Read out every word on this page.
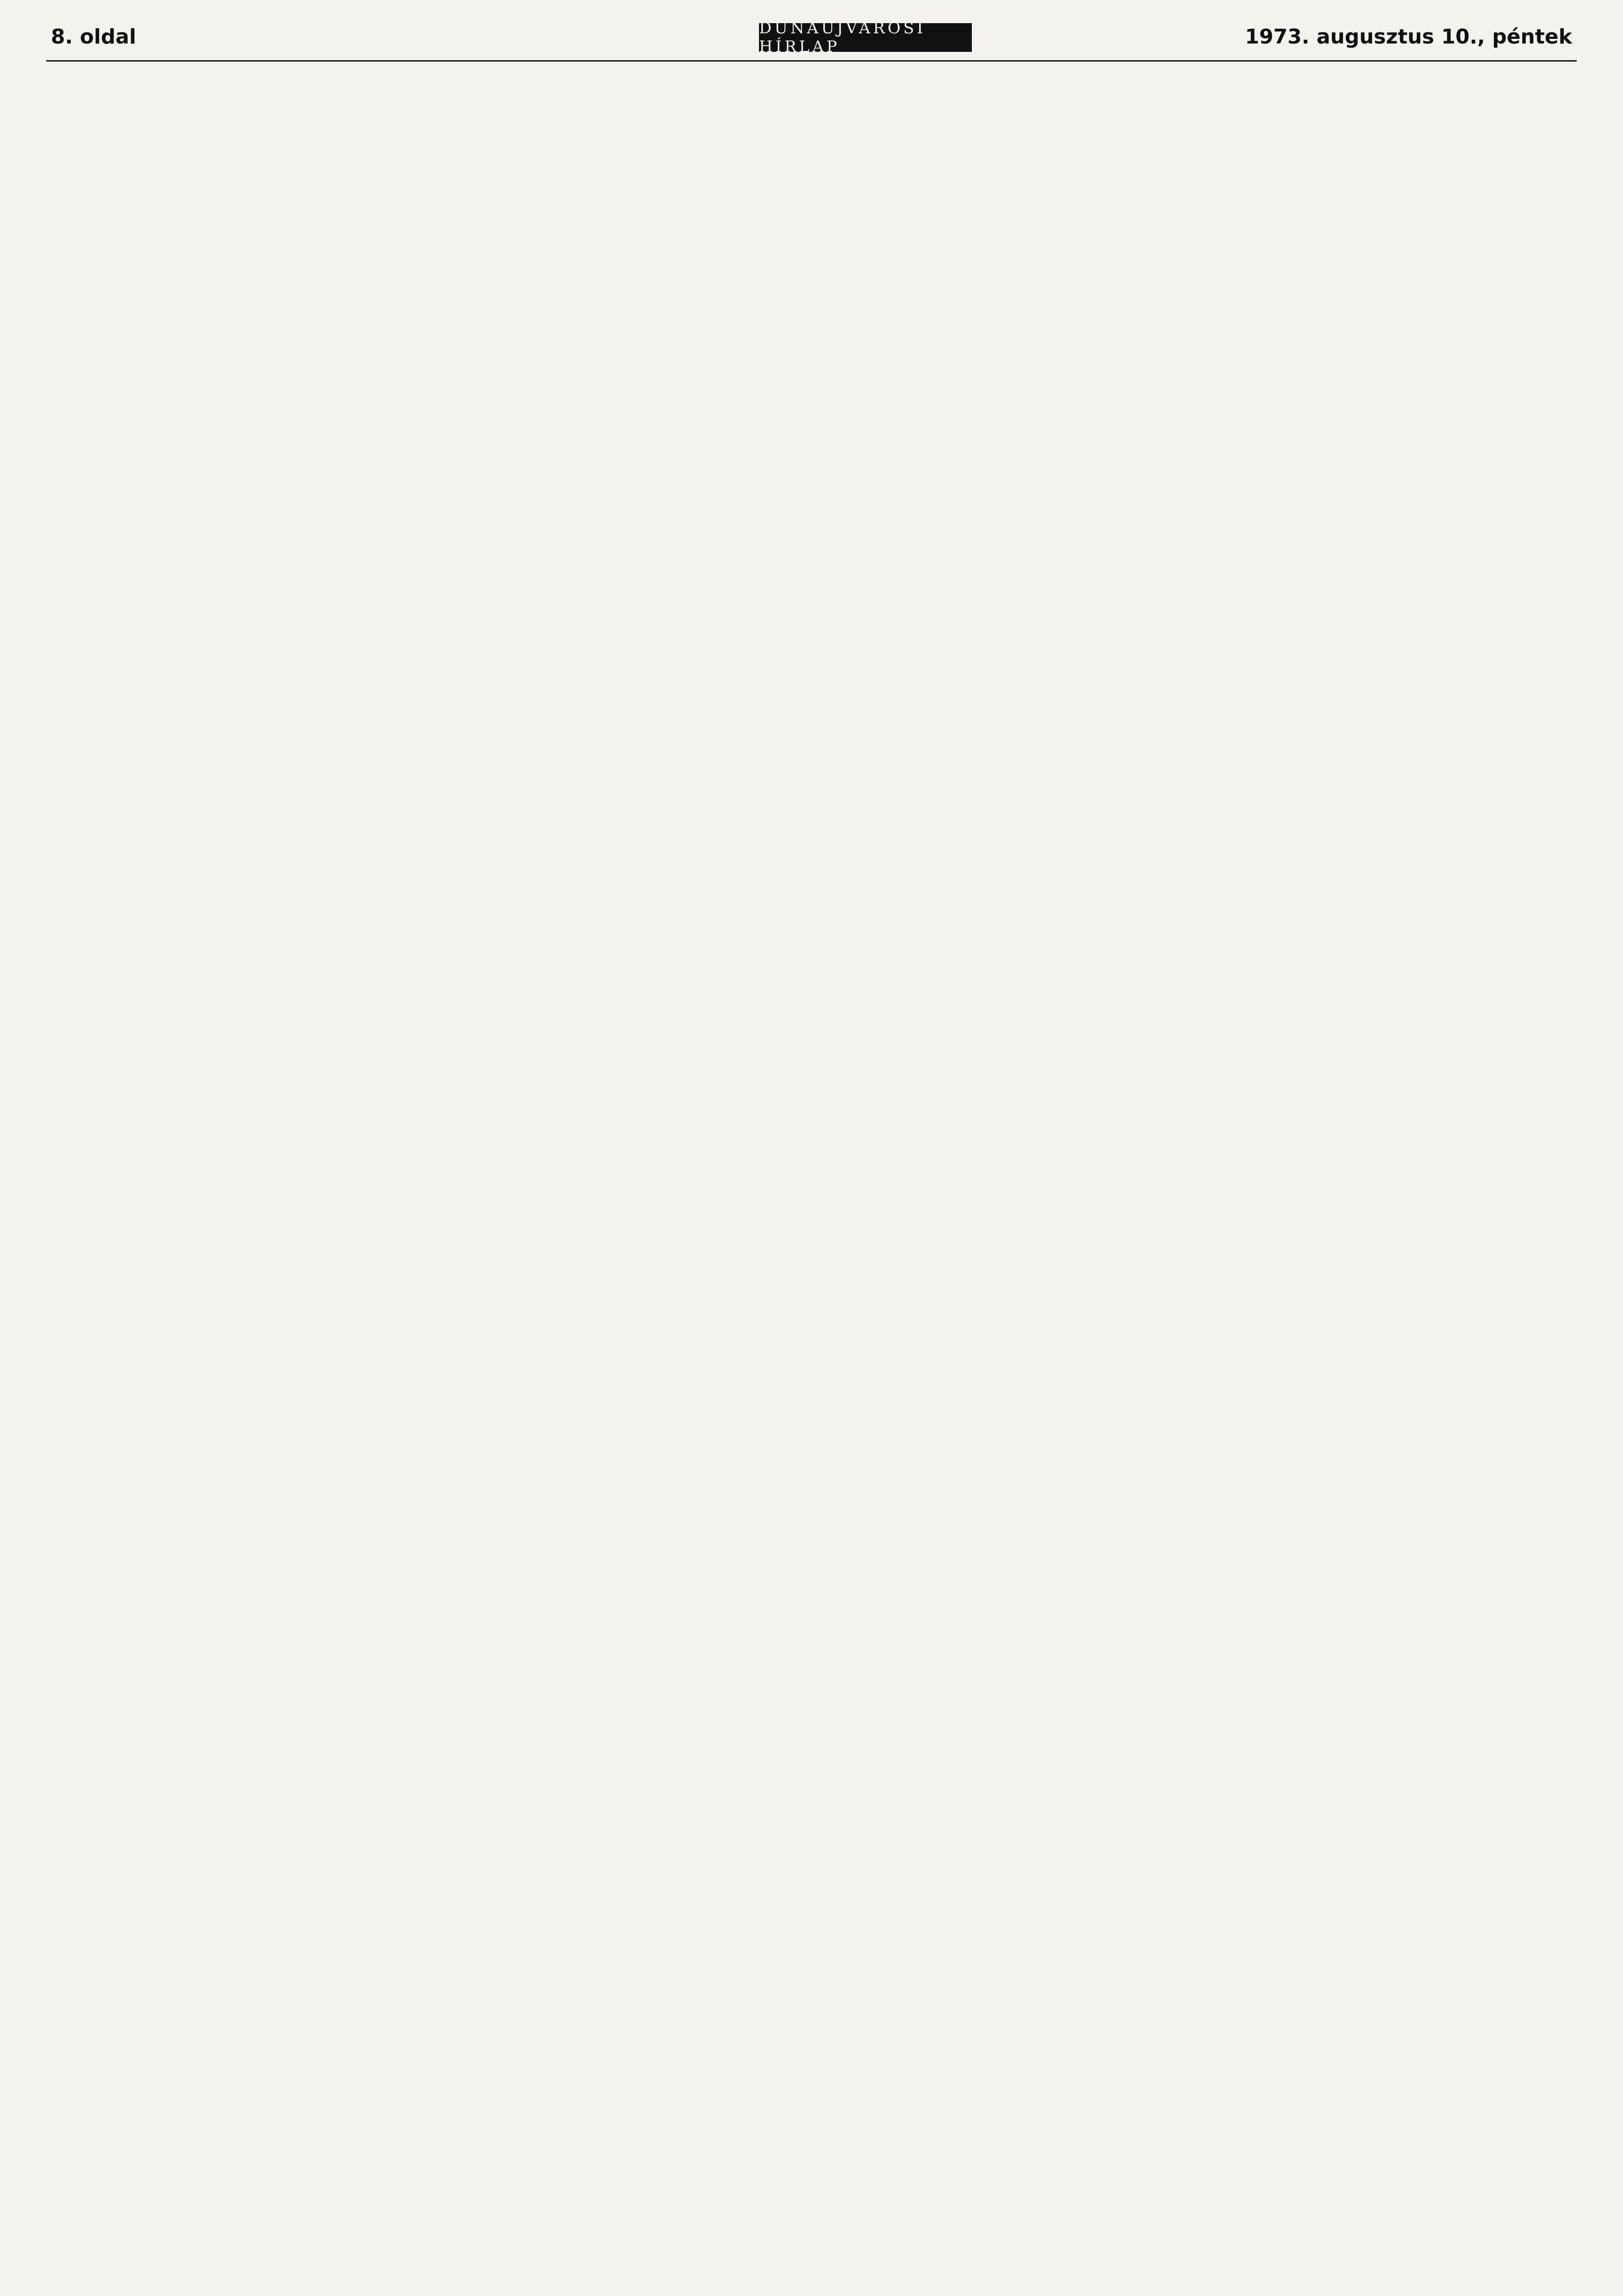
8. oldal	DUNAÚJVÁROSI HÍRLAP	1973. augusztus 10., péntek
